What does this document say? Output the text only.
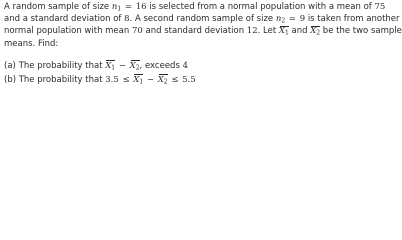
A random sample of size $n_1 = 16$ is selected from a normal population with a mean of 75
and a standard deviation of 8. A second random sample of size $n_2 = 9$ is taken from another
normal population with mean 70 and standard deviation 12. Let $X_1$ and $X_2$ be the two sample
means. Find:

(a) The probability that $X_1 - X_2$, exceeds 4
(b) The probability that $3.5 \le X_1 - X_2 \le 5.5$
